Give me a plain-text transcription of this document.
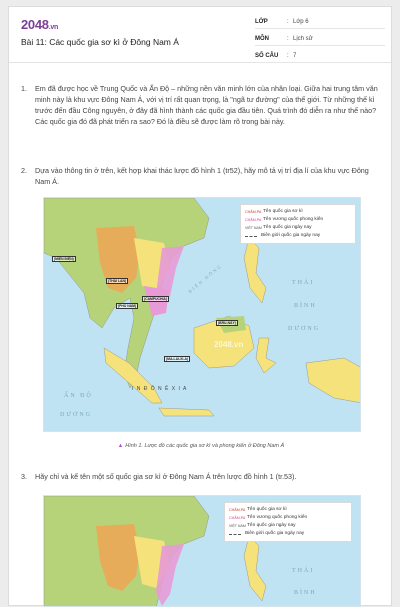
2048.vn
Bài 11: Các quốc gia sơ kì ở Đông Nam Á
LỚP	: Lớp 6
MÔN	: Lịch sử
SỐ CÂU	: 7
1.	Em đã được học về Trung Quốc và Ấn Độ – những nền văn minh lớn của nhân loại. Giữa hai trung tâm văn minh này là khu vực Đông Nam Á, với vị trí rất quan trọng, là "ngã tư đường" của thế giới. Từ những thế kỉ trước đến đầu Công nguyên, ở đây đã hình thành các quốc gia đầu tiên. Quá trình đó diễn ra như thế nào? Các quốc gia đó đã phát triển ra sao? Đó là điều sẽ được làm rõ trong bài này.
2.	Dựa vào thông tin ở trên, kết hợp khai thác lược đồ hình 1 (tr52), hãy mô tả vị trí địa lí của khu vực Đông Nam Á.
CHĂM-PA Tên quốc gia sơ kì
CHĂM-PA Tên vương quốc phong kiến
VIỆT NAM Tên quốc gia ngày nay
Biên giới quốc gia ngày nay
THÁI
BÌNH
DƯƠNG
BIỂN ĐÔNG
ẤN ĐỘ
DƯƠNG
I N Đ Ô N Ê X I A
(MIẾN ĐIỆN)
(THÁI LAN)
(CAMPUCHIA)
(PHÙ NAM)
(MA-LAI-XI-A)
(BRU-NÂY)
2048.vn
▲ Hình 1. Lược đồ các quốc gia sơ kì và phong kiến ở Đông Nam Á
3.	Hãy chỉ và kể tên một số quốc gia sơ kì ở Đông Nam Á trên lược đồ hình 1 (tr.53).
CHĂM-PA Tên quốc gia sơ kì
CHĂM-PA Tên vương quốc phong kiến
VIỆT NAM Tên quốc gia ngày nay
Biên giới quốc gia ngày nay
THÁI
BÌNH
